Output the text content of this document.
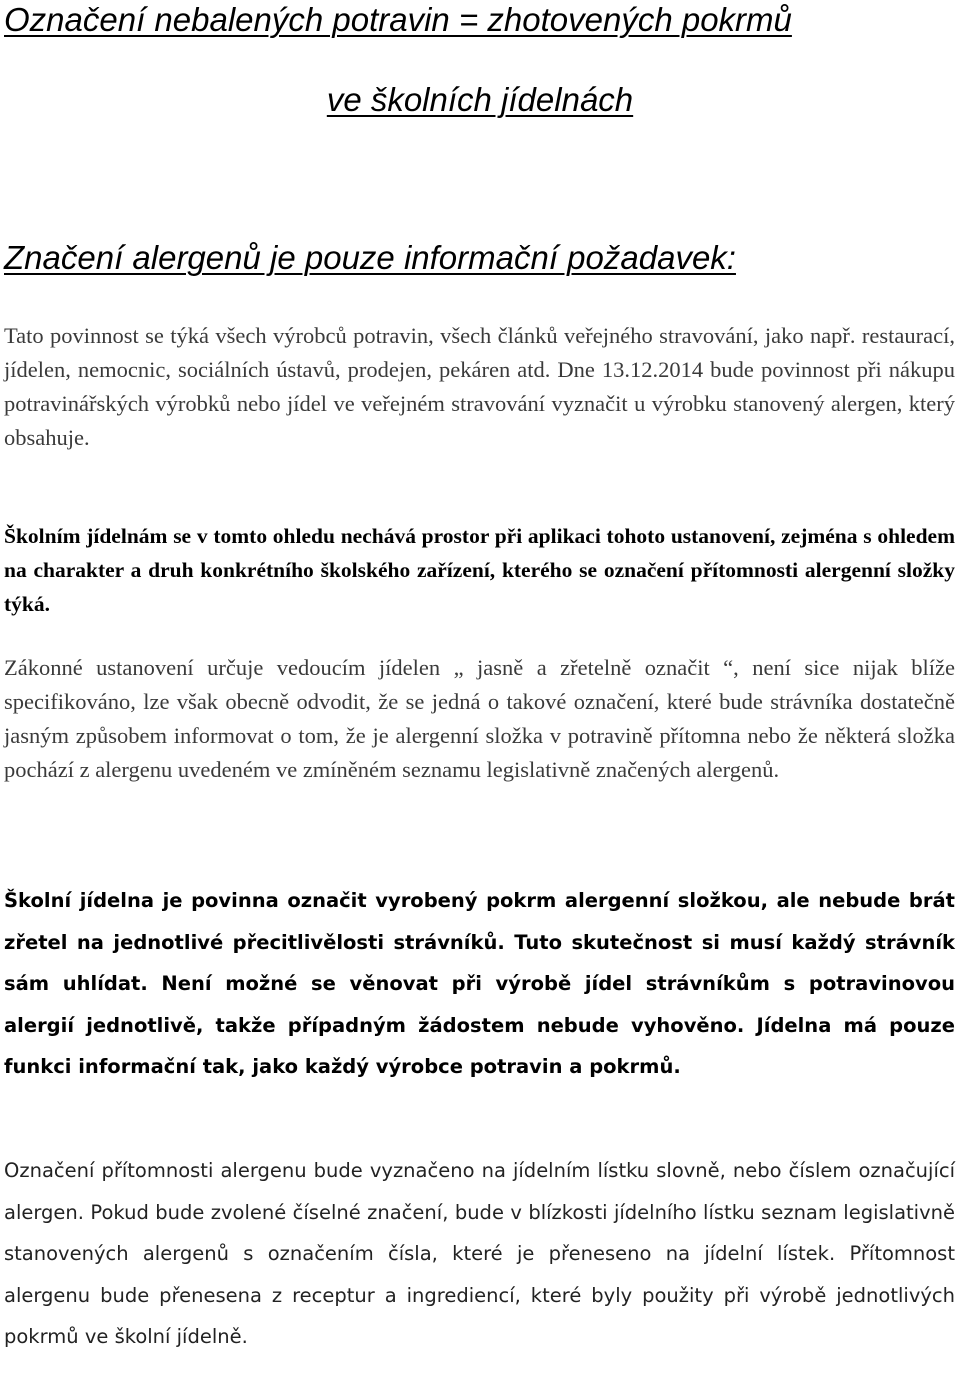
Označení nebalených potravin = zhotovených pokrmů
ve školních jídelnách
Značení alergenů je pouze informační požadavek:

Tato povinnost se týká všech výrobců potravin, všech článků veřejného stravování, jako např. restaurací, jídelen, nemocnic, sociálních ústavů, prodejen, pekáren atd. Dne 13.12.2014 bude povinnost při nákupu potravinářských výrobků nebo jídel ve veřejném stravování vyznačit u výrobku stanovený alergen, který obsahuje.

Školním jídelnám se v tomto ohledu nechává prostor při aplikaci tohoto ustanovení, zejména s ohledem na charakter a druh konkrétního školského zařízení, kterého se označení přítomnosti alergenní složky týká.

Zákonné ustanovení určuje vedoucím jídelen „ jasně a zřetelně označit “, není sice nijak blíže specifikováno, lze však obecně odvodit, že se jedná o takové označení, které bude strávníka dostatečně jasným způsobem informovat o tom, že je alergenní složka v potravině přítomna nebo že některá složka pochází z alergenu uvedeném ve zmíněném seznamu legislativně značených alergenů.

Školní jídelna je povinna označit vyrobený pokrm alergenní složkou, ale nebude brát zřetel na jednotlivé přecitlivělosti strávníků. Tuto skutečnost si musí každý strávník sám uhlídat. Není možné se věnovat při výrobě jídel strávníkům s potravinovou alergií jednotlivě, takže případným žádostem nebude vyhověno. Jídelna má pouze funkci informační tak, jako každý výrobce potravin a pokrmů.

Označení přítomnosti alergenu bude vyznačeno na jídelním lístku slovně, nebo číslem označující alergen. Pokud bude zvolené číselné značení, bude v blízkosti jídelního lístku seznam legislativně stanovených alergenů s označením čísla, které je přeneseno na jídelní lístek. Přítomnost alergenu bude přenesena z receptur a ingrediencí, které byly použity při výrobě jednotlivých pokrmů ve školní jídelně.
